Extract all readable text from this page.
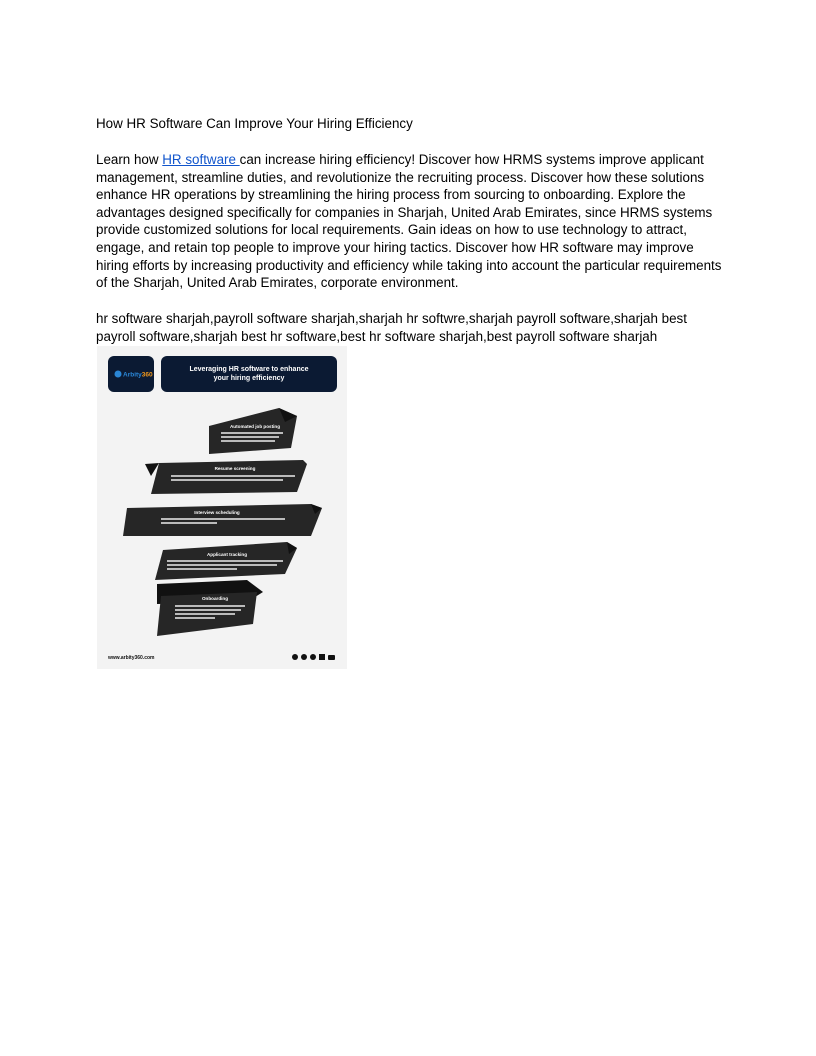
How HR Software Can Improve Your Hiring Efficiency

Learn how HR software can increase hiring efficiency! Discover how HRMS systems improve applicant management, streamline duties, and revolutionize the recruiting process. Discover how these solutions enhance HR operations by streamlining the hiring process from sourcing to onboarding. Explore the advantages designed specifically for companies in Sharjah, United Arab Emirates, since HRMS systems provide customized solutions for local requirements. Gain ideas on how to use technology to attract, engage, and retain top people to improve your hiring tactics. Discover how HR software may improve hiring efforts by increasing productivity and efficiency while taking into account the particular requirements of the Sharjah, United Arab Emirates, corporate environment.

hr software sharjah,payroll software sharjah,sharjah hr softwre,sharjah payroll software,sharjah best payroll software,sharjah best hr software,best hr software sharjah,best payroll software sharjah

Arbity360
Leveraging HR software to enhance
your hiring efficiency
Automated job posting
Resume screening
Interview scheduling
Applicant tracking
Onboarding
www.arbity360.com
